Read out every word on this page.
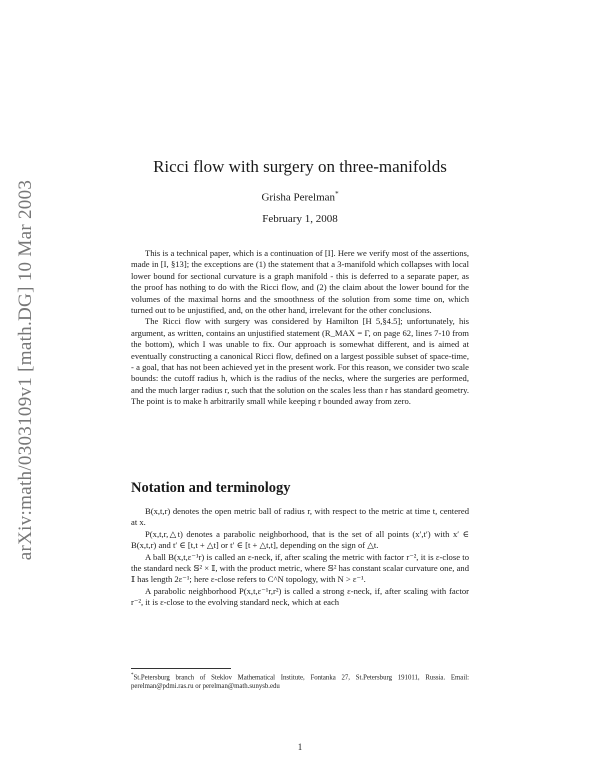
arXiv:math/0303109v1 [math.DG] 10 Mar 2003
Ricci flow with surgery on three-manifolds
Grisha Perelman*
February 1, 2008

This is a technical paper, which is a continuation of [I]. Here we verify most of the assertions, made in [I, §13]; the exceptions are (1) the statement that a 3-manifold which collapses with local lower bound for sectional curvature is a graph manifold - this is deferred to a separate paper, as the proof has nothing to do with the Ricci flow, and (2) the claim about the lower bound for the volumes of the maximal horns and the smoothness of the solution from some time on, which turned out to be unjustified, and, on the other hand, irrelevant for the other conclusions.

The Ricci flow with surgery was considered by Hamilton [H 5,§4.5]; unfortunately, his argument, as written, contains an unjustified statement (R_MAX = Γ, on page 62, lines 7-10 from the bottom), which I was unable to fix. Our approach is somewhat different, and is aimed at eventually constructing a canonical Ricci flow, defined on a largest possible subset of space-time, - a goal, that has not been achieved yet in the present work. For this reason, we consider two scale bounds: the cutoff radius h, which is the radius of the necks, where the surgeries are performed, and the much larger radius r, such that the solution on the scales less than r has standard geometry. The point is to make h arbitrarily small while keeping r bounded away from zero.

Notation and terminology

B(x,t,r) denotes the open metric ball of radius r, with respect to the metric at time t, centered at x.

P(x,t,r,△t) denotes a parabolic neighborhood, that is the set of all points (x′,t′) with x′ ∈ B(x,t,r) and t′ ∈ [t,t + △t] or t′ ∈ [t + △t,t], depending on the sign of △t.

A ball B(x,t,ε⁻¹r) is called an ε-neck, if, after scaling the metric with factor r⁻², it is ε-close to the standard neck 𝕊² × 𝕀, with the product metric, where 𝕊² has constant scalar curvature one, and 𝕀 has length 2ε⁻¹; here ε-close refers to C^N topology, with N > ε⁻¹.

A parabolic neighborhood P(x,t,ε⁻¹r,r²) is called a strong ε-neck, if, after scaling with factor r⁻², it is ε-close to the evolving standard neck, which at each

*St.Petersburg branch of Steklov Mathematical Institute, Fontanka 27, St.Petersburg 191011, Russia. Email: perelman@pdmi.ras.ru or perelman@math.sunysb.edu
1
